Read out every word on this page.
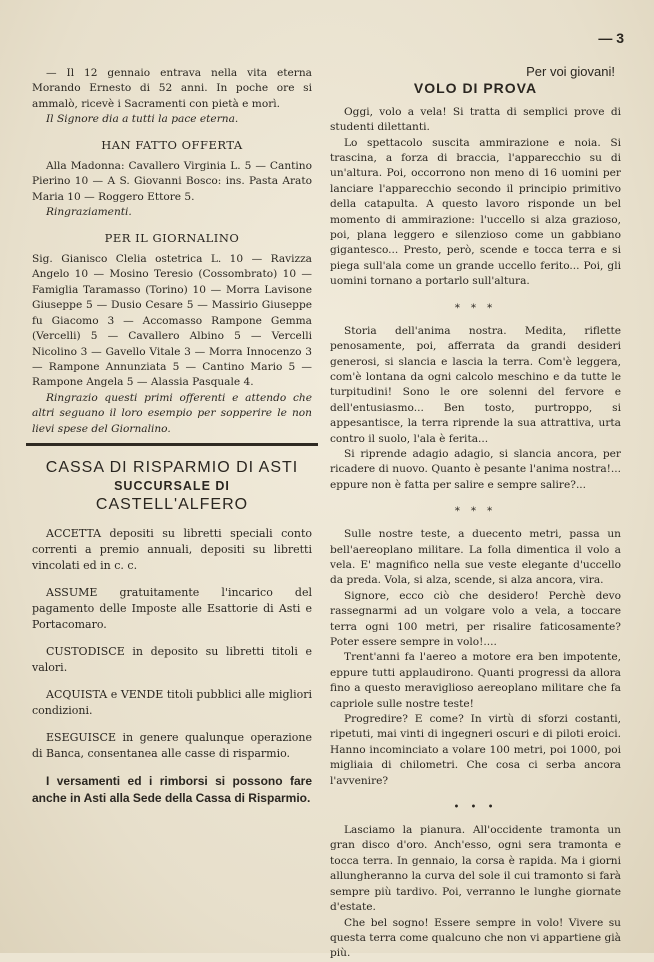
— 3

— Il 12 gennaio entrava nella vita eterna Morando Ernesto di 52 anni. In poche ore si ammalò, ricevè i Sacramenti con pietà e morì.

Il Signore dia a tutti la pace eterna.

HAN FATTO OFFERTA

Alla Madonna: Cavallero Virginia L. 5 — Cantino Pierino 10 — A S. Giovanni Bosco: ins. Pasta Arato Maria 10 — Roggero Ettore 5.

Ringraziamenti.

PER IL GIORNALINO

Sig. Gianisco Clelia ostetrica L. 10 — Ravizza Angelo 10 — Mosino Teresio (Cossombrato) 10 — Famiglia Taramasso (Torino) 10 — Morra Lavisone Giuseppe 5 — Dusio Cesare 5 — Massirio Giuseppe fu Giacomo 3 — Accomasso Rampone Gemma (Vercelli) 5 — Cavallero Albino 5 — Vercelli Nicolino 3 — Gavello Vitale 3 — Morra Innocenzo 3 — Rampone Annunziata 5 — Cantino Mario 5 — Rampone Angela 5 — Alassia Pasquale 4.

Ringrazio questi primi offerenti e attendo che altri seguano il loro esempio per sopperire le non lievi spese del Giornalino.

CASSA DI RISPARMIO DI ASTI
SUCCURSALE DI
CASTELL'ALFERO

ACCETTA depositi su libretti speciali conto correnti a premio annuali, depositi su libretti vincolati ed in c. c.

ASSUME gratuitamente l'incarico del pagamento delle Imposte alle Esattorie di Asti e Portacomaro.

CUSTODISCE in deposito su libretti titoli e valori.

ACQUISTA e VENDE titoli pubblici alle migliori condizioni.

ESEGUISCE in genere qualunque operazione di Banca, consentanea alle casse di risparmio.

I versamenti ed i rimborsi si possono fare anche in Asti alla Sede della Cassa di Risparmio.

Per voi giovani!
VOLO DI PROVA

Oggi, volo a vela! Si tratta di semplici prove di studenti dilettanti.

Lo spettacolo suscita ammirazione e noia. Si trascina, a forza di braccia, l'apparecchio su di un'altura. Poi, occorrono non meno di 16 uomini per lanciare l'apparecchio secondo il principio primitivo della catapulta. A questo lavoro risponde un bel momento di ammirazione: l'uccello si alza grazioso, poi, plana leggero e silenzioso come un gabbiano gigantesco... Presto, però, scende e tocca terra e si piega sull'ala come un grande uccello ferito... Poi, gli uomini tornano a portarlo sull'altura.

* * *

Storia dell'anima nostra. Medita, riflette penosamente, poi, afferrata da grandi desideri generosi, si slancia e lascia la terra. Com'è leggera, com'è lontana da ogni calcolo meschino e da tutte le turpitudini! Sono le ore solenni del fervore e dell'entusiasmo... Ben tosto, purtroppo, si appesantisce, la terra riprende la sua attrattiva, urta contro il suolo, l'ala è ferita...

Si riprende adagio adagio, si slancia ancora, per ricadere di nuovo. Quanto è pesante l'anima nostra!... eppure non è fatta per salire e sempre salire?...

* * *

Sulle nostre teste, a duecento metri, passa un bell'aereoplano militare. La folla dimentica il volo a vela. E' magnifico nella sue veste elegante d'uccello da preda. Vola, si alza, scende, si alza ancora, vira.

Signore, ecco ciò che desidero! Perchè devo rassegnarmi ad un volgare volo a vela, a toccare terra ogni 100 metri, per risalire faticosamente? Poter essere sempre in volo!....

Trent'anni fa l'aereo a motore era ben impotente, eppure tutti applaudirono. Quanti progressi da allora fino a questo meraviglioso aereoplano militare che fa capriole sulle nostre teste!

Progredire? E come? In virtù di sforzi costanti, ripetuti, mai vinti di ingegneri oscuri e di piloti eroici. Hanno incominciato a volare 100 metri, poi 1000, poi migliaia di chilometri. Che cosa ci serba ancora l'avvenire?

• • •

Lasciamo la pianura. All'occidente tramonta un gran disco d'oro. Anch'esso, ogni sera tramonta e tocca terra. In gennaio, la corsa è rapida. Ma i giorni allungheranno la curva del sole il cui tramonto si farà sempre più tardivo. Poi, verranno le lunghe giornate d'estate.

Che bel sogno! Essere sempre in volo! Vivere su questa terra come qualcuno che non vi appartiene già più.
